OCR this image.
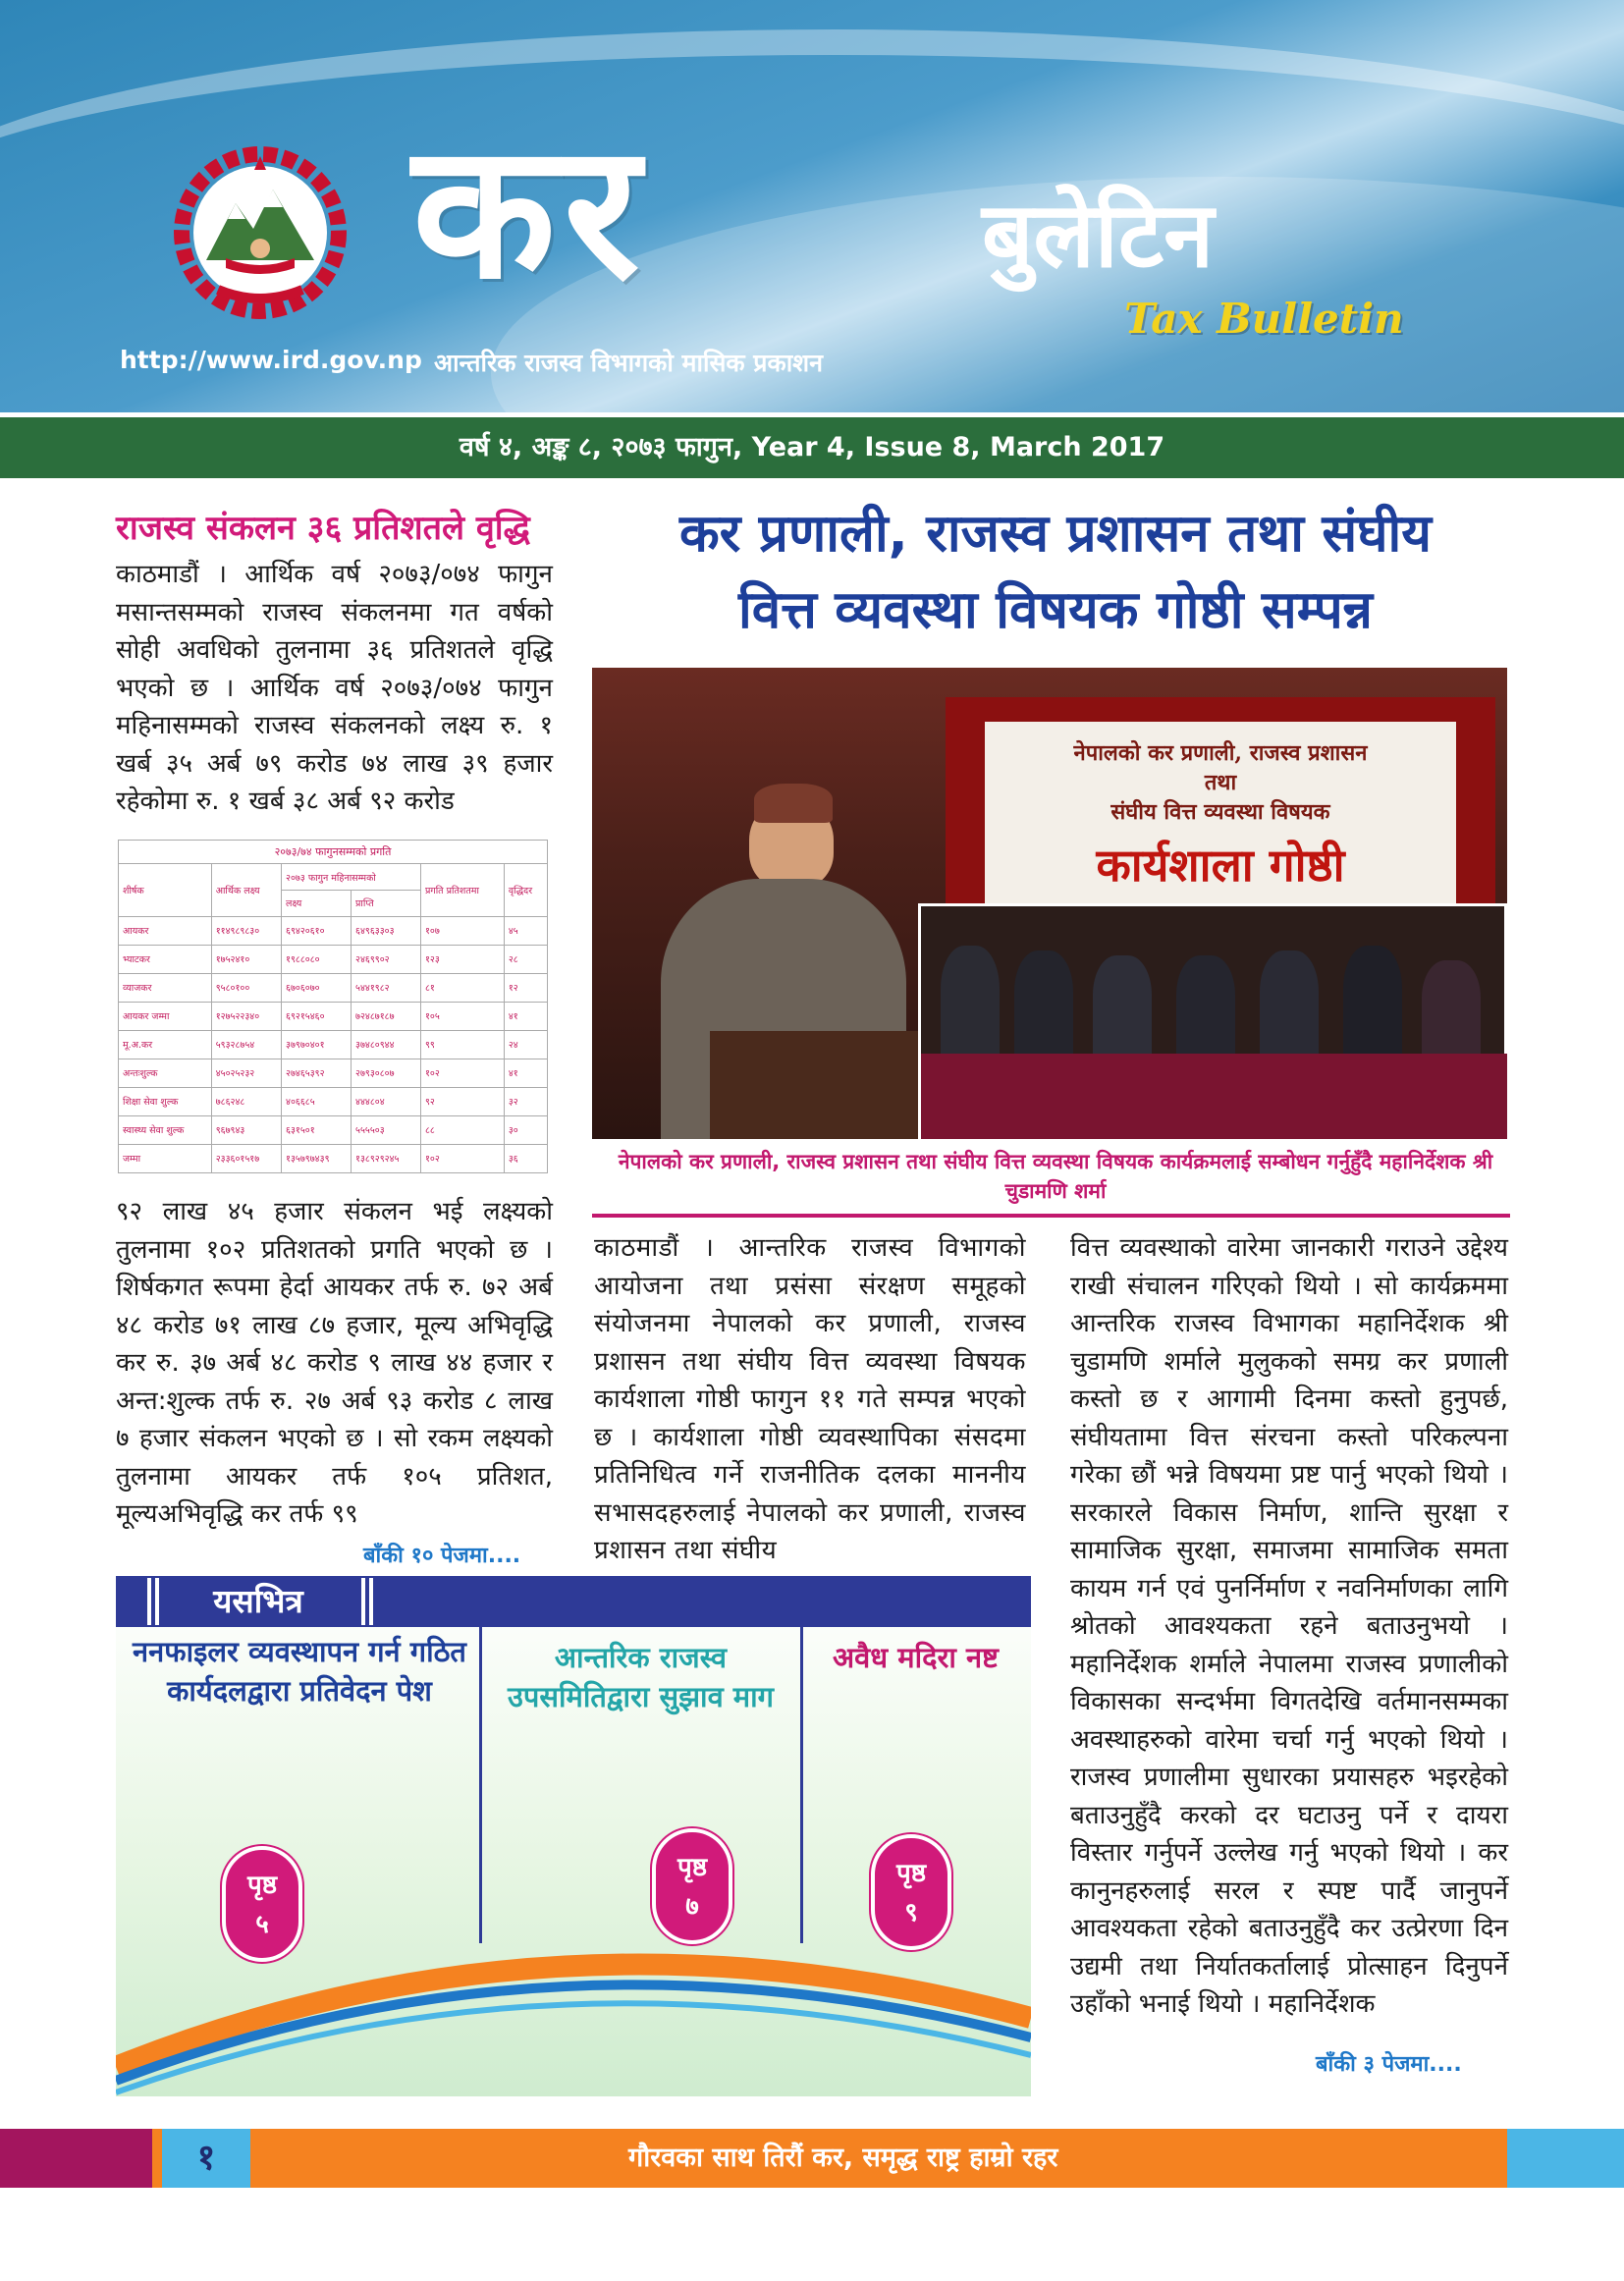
कर	बुलेटिन
Tax Bulletin
http://www.ird.gov.np आन्तरिक राजस्व विभागको मासिक प्रकाशन
वर्ष ४, अङ्क ८, २०७३ फागुन, Year 4, Issue 8, March 2017
राजस्व संकलन ३६ प्रतिशतले वृद्धि
काठमाडौं । आर्थिक वर्ष २०७३/०७४ फागुन मसान्तसम्मको राजस्व संकलनमा गत वर्षको सोही अवधिको तुलनामा ३६ प्रतिशतले वृद्धि भएको छ । आर्थिक वर्ष २०७३/०७४ फागुन महिनासम्मको राजस्व संकलनको लक्ष्य रु. १ खर्ब ३५ अर्ब ७९ करोड ७४ लाख ३९ हजार रहेकोमा रु. १ खर्ब ३८ अर्ब ९२ करोड
२०७३/७४ फागुनसम्मको प्रगति					
शीर्षक	आर्थिक लक्ष्य	२०७३ फागुन महिनासम्मको		प्रगति प्रतिशतमा	वृद्धिदर
		लक्ष्य	प्राप्ति		
आयकर	११४९८९८३०	६९४२०६१०	६४९६३३०३	१०७	४५
भ्याटकर	१७५२४१०	१९८८०८०	२४६९९०२	१२३	२८
व्याजकर	९५८०१००	६७०६०७०	५४४१९८२	८१	१२
आयकर जम्मा	१२७५२२३४०	६९२१५४६०	७२४८७१८७	१०५	४१
मू.अ.कर	५९३२८७५४	३७९७०४०१	३७४८०९४४	९९	२४
अन्तःशुल्क	४५०२५२३२	२७४६५३९२	२७९३०८०७	१०२	४१
शिक्षा सेवा शुल्क	७८६२४८	४०६६८५	४४४८०४	९२	३२
स्वास्थ्य सेवा शुल्क	९६७९४३	६३१५०१	५५५५०३	८८	३०
जम्मा	२३३६०१५१७	१३५७९७४३९	१३८९२९२४५	१०२	३६
९२ लाख ४५ हजार संकलन भई लक्ष्यको तुलनामा १०२ प्रतिशतको प्रगति भएको छ । शिर्षकगत रूपमा हेर्दा आयकर तर्फ रु. ७२ अर्ब ४८ करोड ७१ लाख ८७ हजार, मूल्य अभिवृद्धि कर रु. ३७ अर्ब ४८ करोड ९ लाख ४४ हजार र अन्त:शुल्क तर्फ रु. २७ अर्ब ९३ करोड ८ लाख ७ हजार संकलन भएको छ । सो रकम लक्ष्यको तुलनामा आयकर तर्फ १०५ प्रतिशत, मूल्यअभिवृद्धि कर तर्फ ९९
बाँकी १० पेजमा....
कर प्रणाली, राजस्व प्रशासन तथा संघीय
वित्त व्यवस्था विषयक गोष्ठी सम्पन्न
नेपालको कर प्रणाली, राजस्व प्रशासन
तथा
संघीय वित्त व्यवस्था विषयक
कार्यशाला गोष्ठी
नेपालको कर प्रणाली, राजस्व प्रशासन तथा संघीय वित्त व्यवस्था विषयक कार्यक्रमलाई सम्बोधन गर्नुहुँदै महानिर्देशक श्री चुडामणि शर्मा
काठमाडौं । आन्तरिक राजस्व विभागको आयोजना तथा प्रसंसा संरक्षण समूहको संयोजनमा नेपालको कर प्रणाली, राजस्व प्रशासन तथा संघीय वित्त व्यवस्था विषयक कार्यशाला गोष्ठी फागुन ११ गते सम्पन्न भएको छ । कार्यशाला गोष्ठी व्यवस्थापिका संसदमा प्रतिनिधित्व गर्ने राजनीतिक दलका माननीय सभासदहरुलाई नेपालको कर प्रणाली, राजस्व प्रशासन तथा संघीय
वित्त व्यवस्थाको वारेमा जानकारी गराउने उद्देश्य राखी संचालन गरिएको थियो । सो कार्यक्रममा आन्तरिक राजस्व विभागका महानिर्देशक श्री चुडामणि शर्माले मुलुकको समग्र कर प्रणाली कस्तो छ र आगामी दिनमा कस्तो हुनुपर्छ, संघीयतामा वित्त संरचना कस्तो परिकल्पना गरेका छौं भन्ने विषयमा प्रष्ट पार्नु भएको थियो । सरकारले विकास निर्माण, शान्ति सुरक्षा र सामाजिक सुरक्षा, समाजमा सामाजिक समता कायम गर्न एवं पुनर्निर्माण र नवनिर्माणका लागि श्रोतको आवश्यकता रहने बताउनुभयो । महानिर्देशक शर्माले नेपालमा राजस्व प्रणालीको विकासका सन्दर्भमा विगतदेखि वर्तमानसम्मका अवस्थाहरुको वारेमा चर्चा गर्नु भएको थियो । राजस्व प्रणालीमा सुधारका प्रयासहरु भइरहेको बताउनुहुँदै करको दर घटाउनु पर्ने र दायरा विस्तार गर्नुपर्ने उल्लेख गर्नु भएको थियो । कर कानुनहरुलाई सरल र स्पष्ट पार्दै जानुपर्ने आवश्यकता रहेको बताउनुहुँदै कर उत्प्रेरणा दिन उद्यमी तथा निर्यातकर्तालाई प्रोत्साहन दिनुपर्ने उहाँको भनाई थियो । महानिर्देशक
बाँकी ३ पेजमा....
यसभित्र
ननफाइलर व्यवस्थापन गर्न गठित कार्यदलद्वारा प्रतिवेदन पेश
आन्तरिक राजस्व उपसमितिद्वारा सुझाव माग
अवैध मदिरा नष्ट
पृष्ठ
५
पृष्ठ
७
पृष्ठ
९
१	गौरवका साथ तिरौं कर, समृद्ध राष्ट्र हाम्रो रहर
